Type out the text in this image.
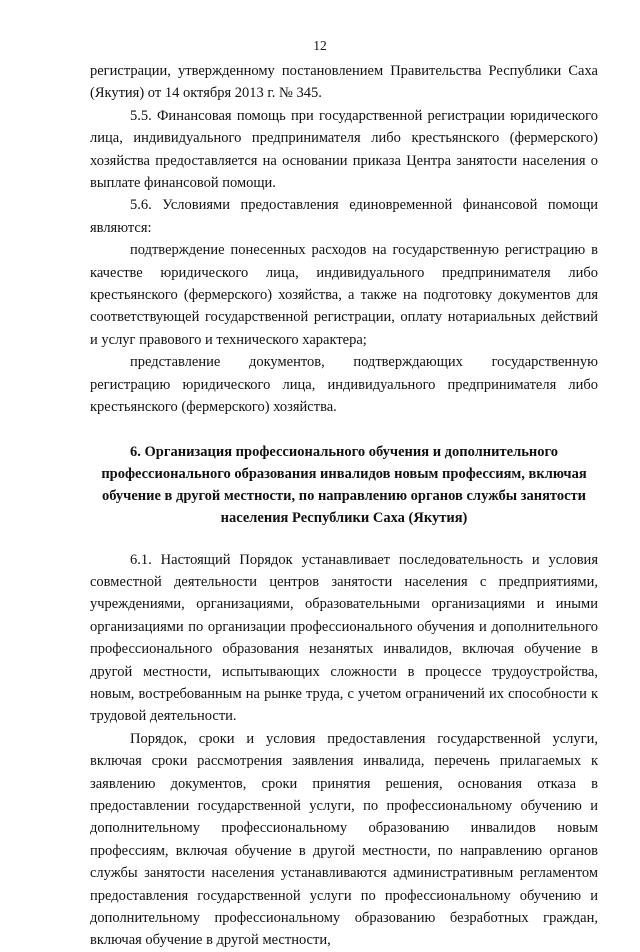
12

регистрации, утвержденному постановлением Правительства Республики Саха (Якутия) от 14 октября 2013 г. № 345.

5.5. Финансовая помощь при государственной регистрации юридического лица, индивидуального предпринимателя либо крестьянского (фермерского) хозяйства предоставляется на основании приказа Центра занятости населения о выплате финансовой помощи.

5.6. Условиями предоставления единовременной финансовой помощи являются:

подтверждение понесенных расходов на государственную регистрацию в качестве юридического лица, индивидуального предпринимателя либо крестьянского (фермерского) хозяйства, а также на подготовку документов для соответствующей государственной регистрации, оплату нотариальных действий и услуг правового и технического характера;

представление документов, подтверждающих государственную регистрацию юридического лица, индивидуального предпринимателя либо крестьянского (фермерского) хозяйства.

6. Организация профессионального обучения и дополнительного профессионального образования инвалидов новым профессиям, включая обучение в другой местности, по направлению органов службы занятости населения Республики Саха (Якутия)

6.1. Настоящий Порядок устанавливает последовательность и условия совместной деятельности центров занятости населения с предприятиями, учреждениями, организациями, образовательными организациями и иными организациями по организации профессионального обучения и дополнительного профессионального образования незанятых инвалидов, включая обучение в другой местности, испытывающих сложности в процессе трудоустройства, новым, востребованным на рынке труда, с учетом ограничений их способности к трудовой деятельности.

Порядок, сроки и условия предоставления государственной услуги, включая сроки рассмотрения заявления инвалида, перечень прилагаемых к заявлению документов, сроки принятия решения, основания отказа в предоставлении государственной услуги, по профессиональному обучению и дополнительному профессиональному образованию инвалидов новым профессиям, включая обучение в другой местности, по направлению органов службы занятости населения устанавливаются административным регламентом предоставления государственной услуги по профессиональному обучению и дополнительному профессиональному образованию безработных граждан, включая обучение в другой местности,
